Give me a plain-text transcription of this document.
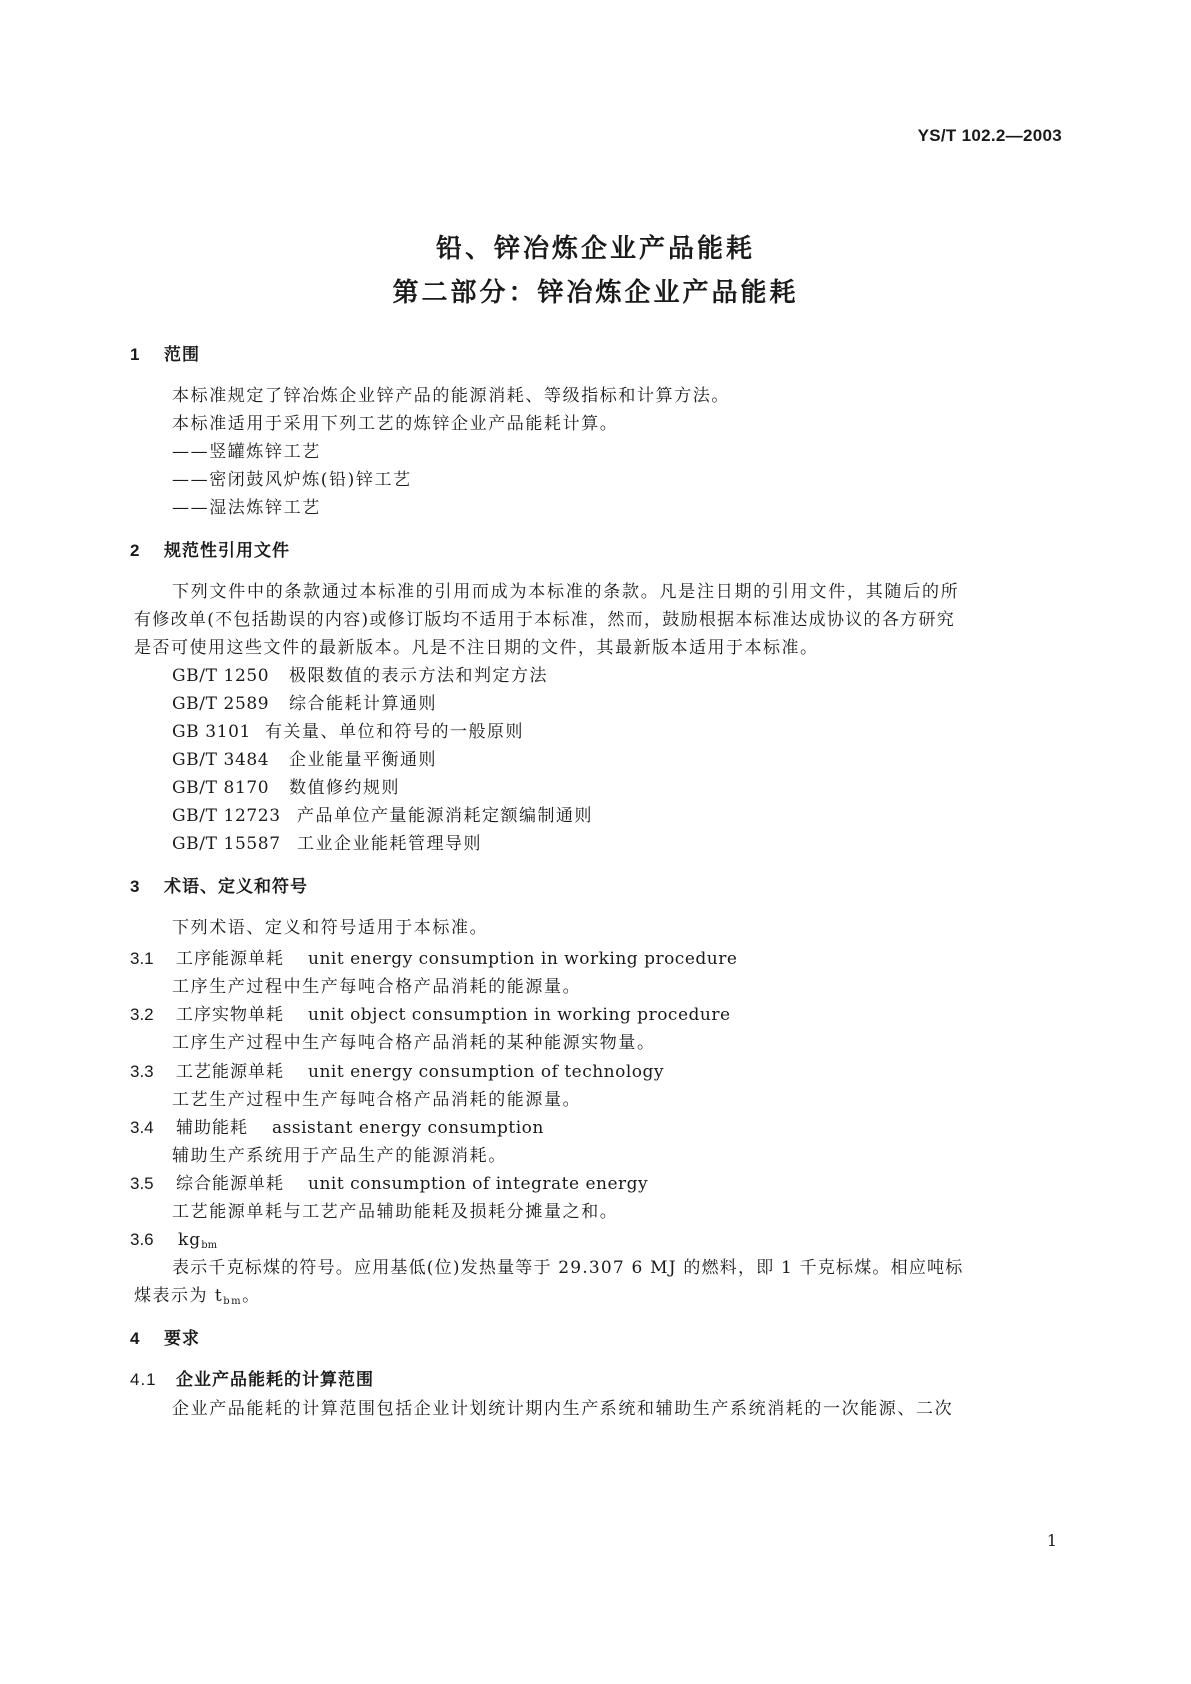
YS/T 102.2—2003
铅、锌冶炼企业产品能耗
第二部分：锌冶炼企业产品能耗
1 范围
本标准规定了锌冶炼企业锌产品的能源消耗、等级指标和计算方法。
本标准适用于采用下列工艺的炼锌企业产品能耗计算。
——竖罐炼锌工艺
——密闭鼓风炉炼(铅)锌工艺
——湿法炼锌工艺
2 规范性引用文件
下列文件中的条款通过本标准的引用而成为本标准的条款。凡是注日期的引用文件，其随后的所
有修改单(不包括勘误的内容)或修订版均不适用于本标准，然而，鼓励根据本标准达成协议的各方研究
是否可使用这些文件的最新版本。凡是不注日期的文件，其最新版本适用于本标准。
GB/T 1250 极限数值的表示方法和判定方法
GB/T 2589 综合能耗计算通则
GB 3101 有关量、单位和符号的一般原则
GB/T 3484 企业能量平衡通则
GB/T 8170 数值修约规则
GB/T 12723 产品单位产量能源消耗定额编制通则
GB/T 15587 工业企业能耗管理导则
3 术语、定义和符号
下列术语、定义和符号适用于本标准。
3.1 工序能源单耗 unit energy consumption in working procedure
工序生产过程中生产每吨合格产品消耗的能源量。
3.2 工序实物单耗 unit object consumption in working procedure
工序生产过程中生产每吨合格产品消耗的某种能源实物量。
3.3 工艺能源单耗 unit energy consumption of technology
工艺生产过程中生产每吨合格产品消耗的能源量。
3.4 辅助能耗 assistant energy consumption
辅助生产系统用于产品生产的能源消耗。
3.5 综合能源单耗 unit consumption of integrate energy
工艺能源单耗与工艺产品辅助能耗及损耗分摊量之和。
3.6 $kg_{bm}$
表示千克标煤的符号。应用基低(位)发热量等于 29.307 6 MJ 的燃料，即 1 千克标煤。相应吨标
煤表示为 $t_{bm}$。
4 要求
4.1 企业产品能耗的计算范围
企业产品能耗的计算范围包括企业计划统计期内生产系统和辅助生产系统消耗的一次能源、二次
1
